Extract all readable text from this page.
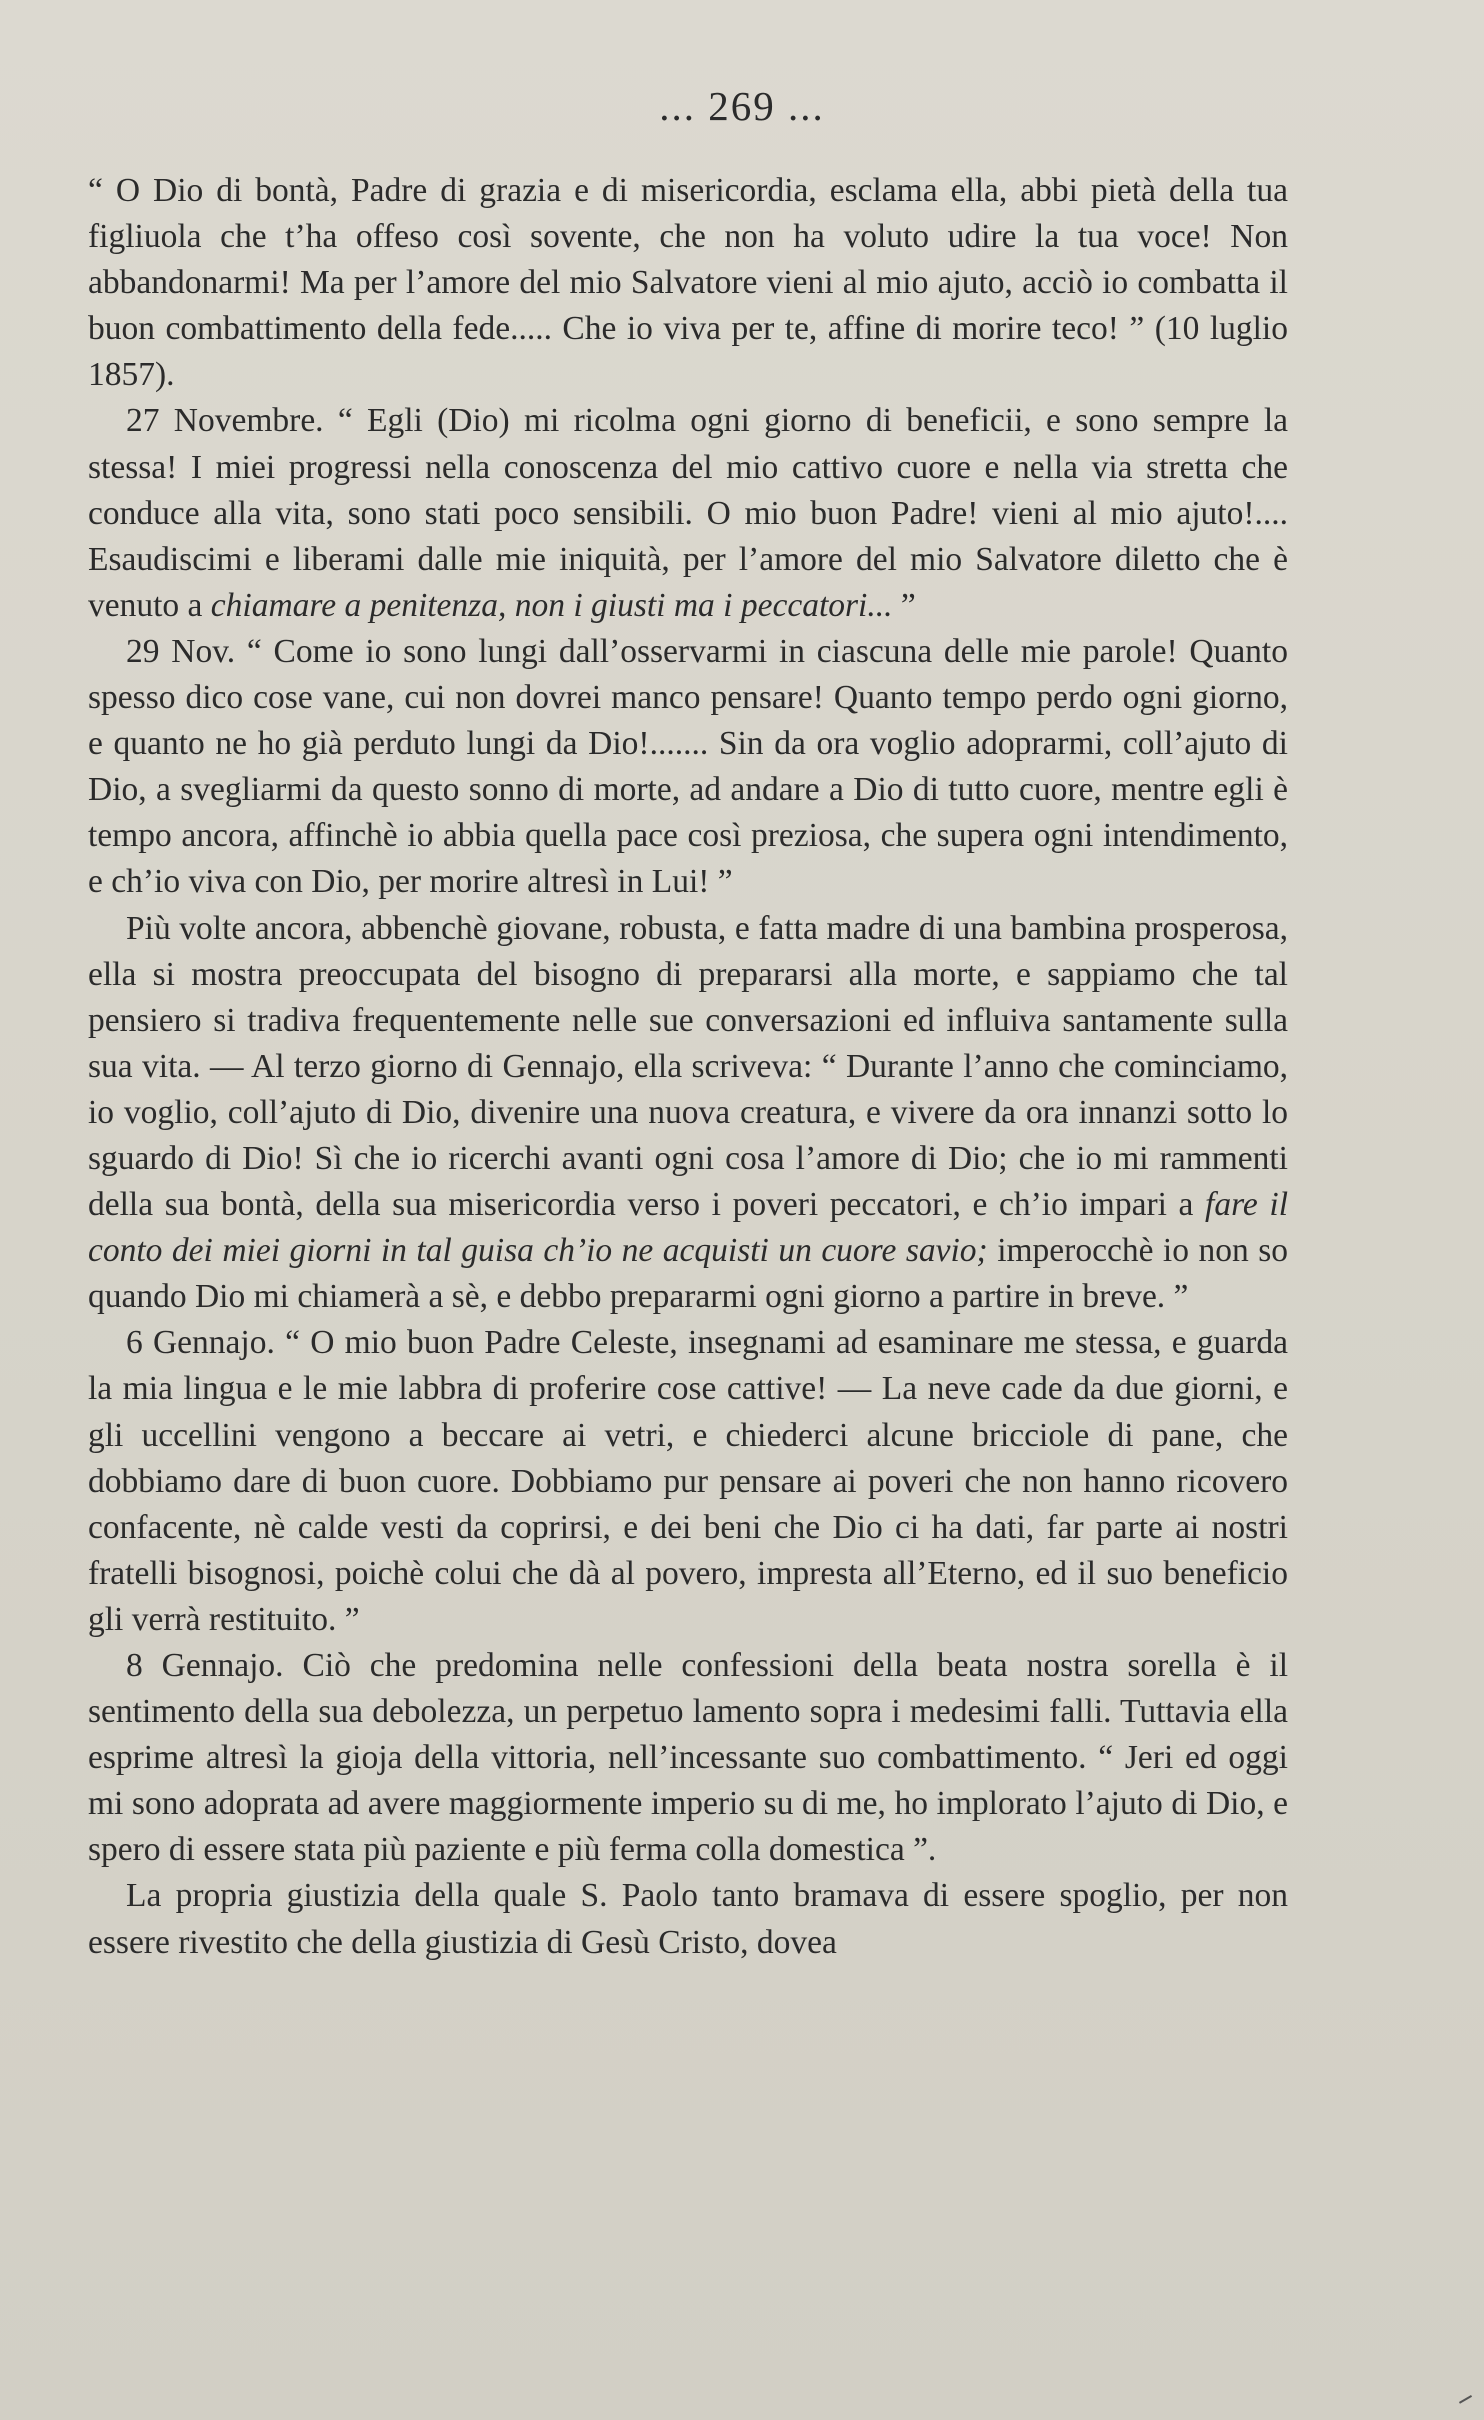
... 269 ...

“ O Dio di bontà, Padre di grazia e di misericordia, esclama ella, abbi pietà della tua figliuola che t’ha offeso così sovente, che non ha voluto udire la tua voce! Non abbandonarmi! Ma per l’amore del mio Salvatore vieni al mio ajuto, acciò io combatta il buon combattimento della fede..... Che io viva per te, affine di morire teco! ” (10 luglio 1857).

27 Novembre. “ Egli (Dio) mi ricolma ogni giorno di beneficii, e sono sempre la stessa! I miei progressi nella conoscenza del mio cattivo cuore e nella via stretta che conduce alla vita, sono stati poco sensibili. O mio buon Padre! vieni al mio ajuto!.... Esaudiscimi e liberami dalle mie iniquità, per l’amore del mio Salvatore diletto che è venuto a chiamare a penitenza, non i giusti ma i peccatori... ”

29 Nov. “ Come io sono lungi dall’osservarmi in ciascuna delle mie parole! Quanto spesso dico cose vane, cui non dovrei manco pensare! Quanto tempo perdo ogni giorno, e quanto ne ho già perduto lungi da Dio!....... Sin da ora voglio adoprarmi, coll’ajuto di Dio, a svegliarmi da questo sonno di morte, ad andare a Dio di tutto cuore, mentre egli è tempo ancora, affinchè io abbia quella pace così preziosa, che supera ogni intendimento, e ch’io viva con Dio, per morire altresì in Lui! ”

Più volte ancora, abbenchè giovane, robusta, e fatta madre di una bambina prosperosa, ella si mostra preoccupata del bisogno di prepararsi alla morte, e sappiamo che tal pensiero si tradiva frequentemente nelle sue conversazioni ed influiva santamente sulla sua vita. — Al terzo giorno di Gennajo, ella scriveva: “ Durante l’anno che cominciamo, io voglio, coll’ajuto di Dio, divenire una nuova creatura, e vivere da ora innanzi sotto lo sguardo di Dio! Sì che io ricerchi avanti ogni cosa l’amore di Dio; che io mi rammenti della sua bontà, della sua misericordia verso i poveri peccatori, e ch’io impari a fare il conto dei miei giorni in tal guisa ch’io ne acquisti un cuore savio; imperocchè io non so quando Dio mi chiamerà a sè, e debbo prepararmi ogni giorno a partire in breve. ”

6 Gennajo. “ O mio buon Padre Celeste, insegnami ad esaminare me stessa, e guarda la mia lingua e le mie labbra di proferire cose cattive! — La neve cade da due giorni, e gli uccellini vengono a beccare ai vetri, e chiederci alcune bricciole di pane, che dobbiamo dare di buon cuore. Dobbiamo pur pensare ai poveri che non hanno ricovero confacente, nè calde vesti da coprirsi, e dei beni che Dio ci ha dati, far parte ai nostri fratelli bisognosi, poichè colui che dà al povero, impresta all’Eterno, ed il suo beneficio gli verrà restituito. ”

8 Gennajo. Ciò che predomina nelle confessioni della beata nostra sorella è il sentimento della sua debolezza, un perpetuo lamento sopra i medesimi falli. Tuttavia ella esprime altresì la gioja della vittoria, nell’incessante suo combattimento. “ Jeri ed oggi mi sono adoprata ad avere maggiormente imperio su di me, ho implorato l’ajuto di Dio, e spero di essere stata più paziente e più ferma colla domestica ”.

La propria giustizia della quale S. Paolo tanto bramava di essere spoglio, per non essere rivestito che della giustizia di Gesù Cristo, dovea
